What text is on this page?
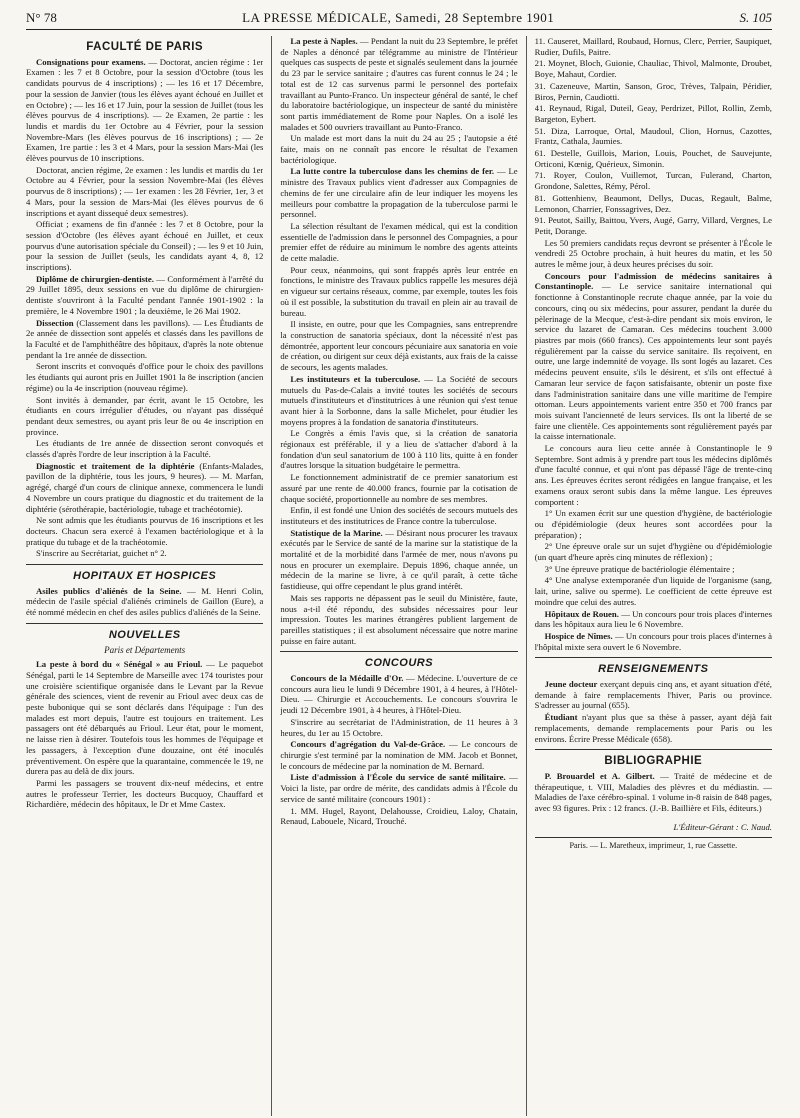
N° 78	LA PRESSE MÉDICALE, Samedi, 28 Septembre 1901	S. 105
FACULTÉ DE PARIS

Consignations pour examens. — Doctorat, ancien régime : 1er Examen : les 7 et 8 Octobre, pour la session d'Octobre (tous les candidats pourvus de 4 inscriptions) ; — les 16 et 17 Décembre, pour la session de Janvier (tous les élèves ayant échoué en Juillet et en Octobre) ; — les 16 et 17 Juin, pour la session de Juillet (tous les élèves pourvus de 4 inscriptions). — 2e Examen, 2e partie : les lundis et mardis du 1er Octobre au 4 Février, pour la session Novembre-Mars (les élèves pourvus de 16 inscriptions) ; — 2e Examen, 1re partie : les 3 et 4 Mars, pour la session Mars-Mai (les élèves pourvus de 10 inscriptions.

Doctorat, ancien régime, 2e examen : les lundis et mardis du 1er Octobre au 4 Février, pour la session Novembre-Mai (les élèves pourvus de 8 inscriptions) ; — 1er examen : les 28 Février, 1er, 3 et 4 Mars, pour la session de Mars-Mai (les élèves pourvus de 6 inscriptions et ayant dissequé deux semestres).

Officiat ; examens de fin d'année : les 7 et 8 Octobre, pour la session d'Octobre (les élèves ayant échoué en Juillet, et ceux pourvus d'une autorisation spéciale du Conseil) ; — les 9 et 10 Juin, pour la session de Juillet (seuls, les candidats ayant 4, 8, 12 inscriptions).

Diplôme de chirurgien-dentiste. — Conformément à l'arrêté du 29 Juillet 1895, deux sessions en vue du diplôme de chirurgien-dentiste s'ouvriront à la Faculté pendant l'année 1901-1902 : la première, le 4 Novembre 1901 ; la deuxième, le 26 Mai 1902.

Dissection (Classement dans les pavillons). — Les Étudiants de 2e année de dissection sont appelés et classés dans les pavillons de la Faculté et de l'amphithéâtre des hôpitaux, d'après la note obtenue pendant la 1re année de dissection.

Seront inscrits et convoqués d'office pour le choix des pavillons les étudiants qui auront pris en Juillet 1901 la 8e inscription (ancien régime) ou la 4e inscription (nouveau régime).

Sont invités à demander, par écrit, avant le 15 Octobre, les étudiants en cours irrégulier d'études, ou n'ayant pas disséqué pendant deux semestres, ou ayant pris leur 8e ou 4e inscription en province.

Les étudiants de 1re année de dissection seront convoqués et classés d'après l'ordre de leur inscription à la Faculté.

Diagnostic et traitement de la diphtérie (Enfants-Malades, pavillon de la diphtérie, tous les jours, 9 heures). — M. Marfan, agrégé, chargé d'un cours de clinique annexe, commencera le lundi 4 Novembre un cours pratique du diagnostic et du traitement de la diphtérie (sérothérapie, bactériologie, tubage et trachéotomie).

Ne sont admis que les étudiants pourvus de 16 inscriptions et les docteurs. Chacun sera exercé à l'examen bactériologique et à la pratique du tubage et de la trachéotomie.

S'inscrire au Secrétariat, guichet n° 2.

HOPITAUX ET HOSPICES

Asiles publics d'aliénés de la Seine. — M. Henri Colin, médecin de l'asile spécial d'aliénés criminels de Gaillon (Eure), a été nommé médecin en chef des asiles publics d'aliénés de la Seine.

NOUVELLES
Paris et Départements

La peste à bord du « Sénégal » au Frioul. — Le paquebot Sénégal, parti le 14 Septembre de Marseille avec 174 touristes pour une croisière scientifique organisée dans le Levant par la Revue générale des sciences, vient de revenir au Frioul avec deux cas de peste bubonique qui se sont déclarés dans l'équipage : l'un des malades est mort depuis, l'autre est toujours en traitement. Les passagers ont été débarqués au Frioul. Leur état, pour le moment, ne laisse rien à désirer. Toutefois tous les hommes de l'équipage et les passagers, à l'exception d'une douzaine, ont été inoculés préventivement. On espère que la quarantaine, commencée le 19, ne durera pas au delà de dix jours.

Parmi les passagers se trouvent dix-neuf médecins, et entre autres le professeur Terrier, les docteurs Bucquoy, Chauffard et Richardière, médecin des hôpitaux, le Dr et Mme Castex.

La peste à Naples. — Pendant la nuit du 23 Septembre, le préfet de Naples a dénoncé par télégramme au ministre de l'Intérieur quelques cas suspects de peste et signalés seulement dans la journée du 23 par le service sanitaire ; d'autres cas furent connus le 24 ; le total est de 12 cas survenus parmi le personnel des portefaix travaillant au Punto-Franco. Un inspecteur général de santé, le chef du laboratoire bactériologique, un inspecteur de santé du ministère sont partis immédiatement de Rome pour Naples. On a isolé les malades et 500 ouvriers travaillant au Punto-Franco.

Un malade est mort dans la nuit du 24 au 25 ; l'autopsie a été faite, mais on ne connaît pas encore le résultat de l'examen bactériologique.

La lutte contre la tuberculose dans les chemins de fer. — Le ministre des Travaux publics vient d'adresser aux Compagnies de chemins de fer une circulaire afin de leur indiquer les moyens les meilleurs pour combattre la propagation de la tuberculose parmi le personnel.

La sélection résultant de l'examen médical, qui est la condition essentielle de l'admission dans le personnel des Compagnies, a pour premier effet de réduire au minimum le nombre des agents atteints de cette maladie.

Pour ceux, néanmoins, qui sont frappés après leur entrée en fonctions, le ministre des Travaux publics rappelle les mesures déjà en vigueur sur certains réseaux, comme, par exemple, toutes les fois où il est possible, la substitution du travail en plein air au travail de bureau.

Il insiste, en outre, pour que les Compagnies, sans entreprendre la construction de sanatoria spéciaux, dont la nécessité n'est pas démontrée, apportent leur concours pécuniaire aux sanatoria en voie de création, ou dirigent sur ceux déjà existants, aux frais de la caisse de secours, les agents malades.

Les instituteurs et la tuberculose. — La Société de secours mutuels du Pas-de-Calais a invité toutes les sociétés de secours mutuels d'instituteurs et d'institutrices à une réunion qui s'est tenue avant hier à la Sorbonne, dans la salle Michelet, pour étudier les moyens propres à la fondation de sanatoria d'instituteurs.

Le Congrès a émis l'avis que, si la création de sanatoria régionaux est préférable, il y a lieu de s'attacher d'abord à la fondation d'un seul sanatorium de 100 à 110 lits, quitte à en fonder d'autres lorsque la situation budgétaire le permettra.

Le fonctionnement administratif de ce premier sanatorium est assuré par une rente de 40.000 francs, fournie par la cotisation de chaque société, proportionnelle au nombre de ses membres.

Enfin, il est fondé une Union des sociétés de secours mutuels des instituteurs et des institutrices de France contre la tuberculose.

Statistique de la Marine. — Désirant nous procurer les travaux exécutés par le Service de santé de la marine sur la statistique de la mortalité et de la morbidité dans l'armée de mer, nous n'avons pu nous en procurer un exemplaire. Depuis 1896, chaque année, un médecin de la marine se livre, à ce qu'il paraît, à cette tâche fastidieuse, qui offre cependant le plus grand intérêt.

Mais ses rapports ne dépassent pas le seuil du Ministère, faute, nous a-t-il été répondu, des subsides nécessaires pour leur impression. Toutes les marines étrangères publient largement de pareilles statistiques ; il est absolument nécessaire que notre marine puisse en faire autant.

CONCOURS

Concours de la Médaille d'Or. — Médecine. L'ouverture de ce concours aura lieu le lundi 9 Décembre 1901, à 4 heures, à l'Hôtel-Dieu. — Chirurgie et Accouchements. Le concours s'ouvrira le jeudi 12 Décembre 1901, à 4 heures, à l'Hôtel-Dieu.

S'inscrire au secrétariat de l'Administration, de 11 heures à 3 heures, du 1er au 15 Octobre.

Concours d'agrégation du Val-de-Grâce. — Le concours de chirurgie s'est terminé par la nomination de MM. Jacob et Bonnet, le concours de médecine par la nomination de M. Bernard.

Liste d'admission à l'École du service de santé militaire. — Voici la liste, par ordre de mérite, des candidats admis à l'École du service de santé militaire (concours 1901) :

1. MM. Hugel, Rayont, Delahousse, Croidieu, Laloy, Chatain, Renaud, Labouele, Nicard, Trouché.

11. Causeret, Maillard, Roubaud, Hornus, Clerc, Perrier, Saupiquet, Rudier, Dufils, Paitre.

21. Moynet, Bloch, Guionie, Chauliac, Thivol, Malmonte, Droubet, Boye, Mahaut, Cordier.

31. Cazeneuve, Martin, Sanson, Groc, Trèves, Talpain, Péridier, Biros, Pernin, Caudiotti.

41. Reynaud, Rigal, Duteil, Geay, Perdrizet, Pillot, Rollin, Zemb, Bargeton, Eybert.

51. Diza, Larroque, Ortal, Maudoul, Clion, Hornus, Cazottes, Frantz, Cathala, Jaumies.

61. Destelle, Guillois, Marion, Louis, Pouchet, de Sauvejunte, Orticoni, Kœnig, Quérieux, Simonin.

71. Royer, Coulon, Vuillemot, Turcan, Fulerand, Charton, Grondone, Salettes, Rémy, Pérol.

81. Gottenhienv, Beaumont, Dellys, Ducas, Regault, Balme, Lemonon, Charrier, Fonssagrives, Dez.

91. Peutot, Sailly, Baittou, Yvers, Augé, Garry, Villard, Vergnes, Le Petit, Dorange.

Les 50 premiers candidats reçus devront se présenter à l'École le vendredi 25 Octobre prochain, à huit heures du matin, et les 50 autres le même jour, à deux heures précises du soir.

Concours pour l'admission de médecins sanitaires à Constantinople. — Le service sanitaire international qui fonctionne à Constantinople recrute chaque année, par la voie du concours, cinq ou six médecins, pour assurer, pendant la durée du pèlerinage de la Mecque, c'est-à-dire pendant six mois environ, le service du lazaret de Camaran. Ces médecins touchent 3.000 piastres par mois (660 francs). Ces appointements leur sont payés régulièrement par la caisse du service sanitaire. Ils reçoivent, en outre, une large indemnité de voyage. Ils sont logés au lazaret. Ces médecins peuvent ensuite, s'ils le désirent, et s'ils ont effectué à Camaran leur service de façon satisfaisante, obtenir un poste fixe dans l'administration sanitaire dans une ville maritime de l'empire ottoman. Leurs appointements varient entre 350 et 700 francs par mois suivant l'ancienneté de leurs services. Ils ont la liberté de se faire une clientèle. Ces appointements sont régulièrement payés par la caisse internationale.

Le concours aura lieu cette année à Constantinople le 9 Septembre. Sont admis à y prendre part tous les médecins diplômés d'une faculté connue, et qui n'ont pas dépassé l'âge de trente-cinq ans. Les épreuves écrites seront rédigées en langue française, et les examens oraux seront subis dans la même langue. Les épreuves comportent :

1° Un examen écrit sur une question d'hygiène, de bactériologie ou d'épidémiologie (deux heures sont accordées pour la préparation) ;

2° Une épreuve orale sur un sujet d'hygiène ou d'épidémiologie (un quart d'heure après cinq minutes de réflexion) ;

3° Une épreuve pratique de bactériologie élémentaire ;

4° Une analyse extemporanée d'un liquide de l'organisme (sang, lait, urine, salive ou sperme). Le coefficient de cette épreuve est moindre que celui des autres.

Hôpitaux de Rouen. — Un concours pour trois places d'internes dans les hôpitaux aura lieu le 6 Novembre.

Hospice de Nîmes. — Un concours pour trois places d'internes à l'hôpital mixte sera ouvert le 6 Novembre.

RENSEIGNEMENTS

Jeune docteur exerçant depuis cinq ans, et ayant situation d'été, demande à faire remplacements l'hiver, Paris ou province. S'adresser au journal (655).

Étudiant n'ayant plus que sa thèse à passer, ayant déjà fait remplacements, demande remplacements pour Paris ou les environs. Écrire Presse Médicale (658).

BIBLIOGRAPHIE

P. Brouardel et A. Gilbert. — Traité de médecine et de thérapeutique, t. VIII, Maladies des plèvres et du médiastin. — Maladies de l'axe cérébro-spinal. 1 volume in-8 raisin de 848 pages, avec 93 figures. Prix : 12 francs. (J.-B. Baillière et Fils, éditeurs.)

L'Éditeur-Gérant : C. Naud.
Paris. — L. Maretheux, imprimeur, 1, rue Cassette.
